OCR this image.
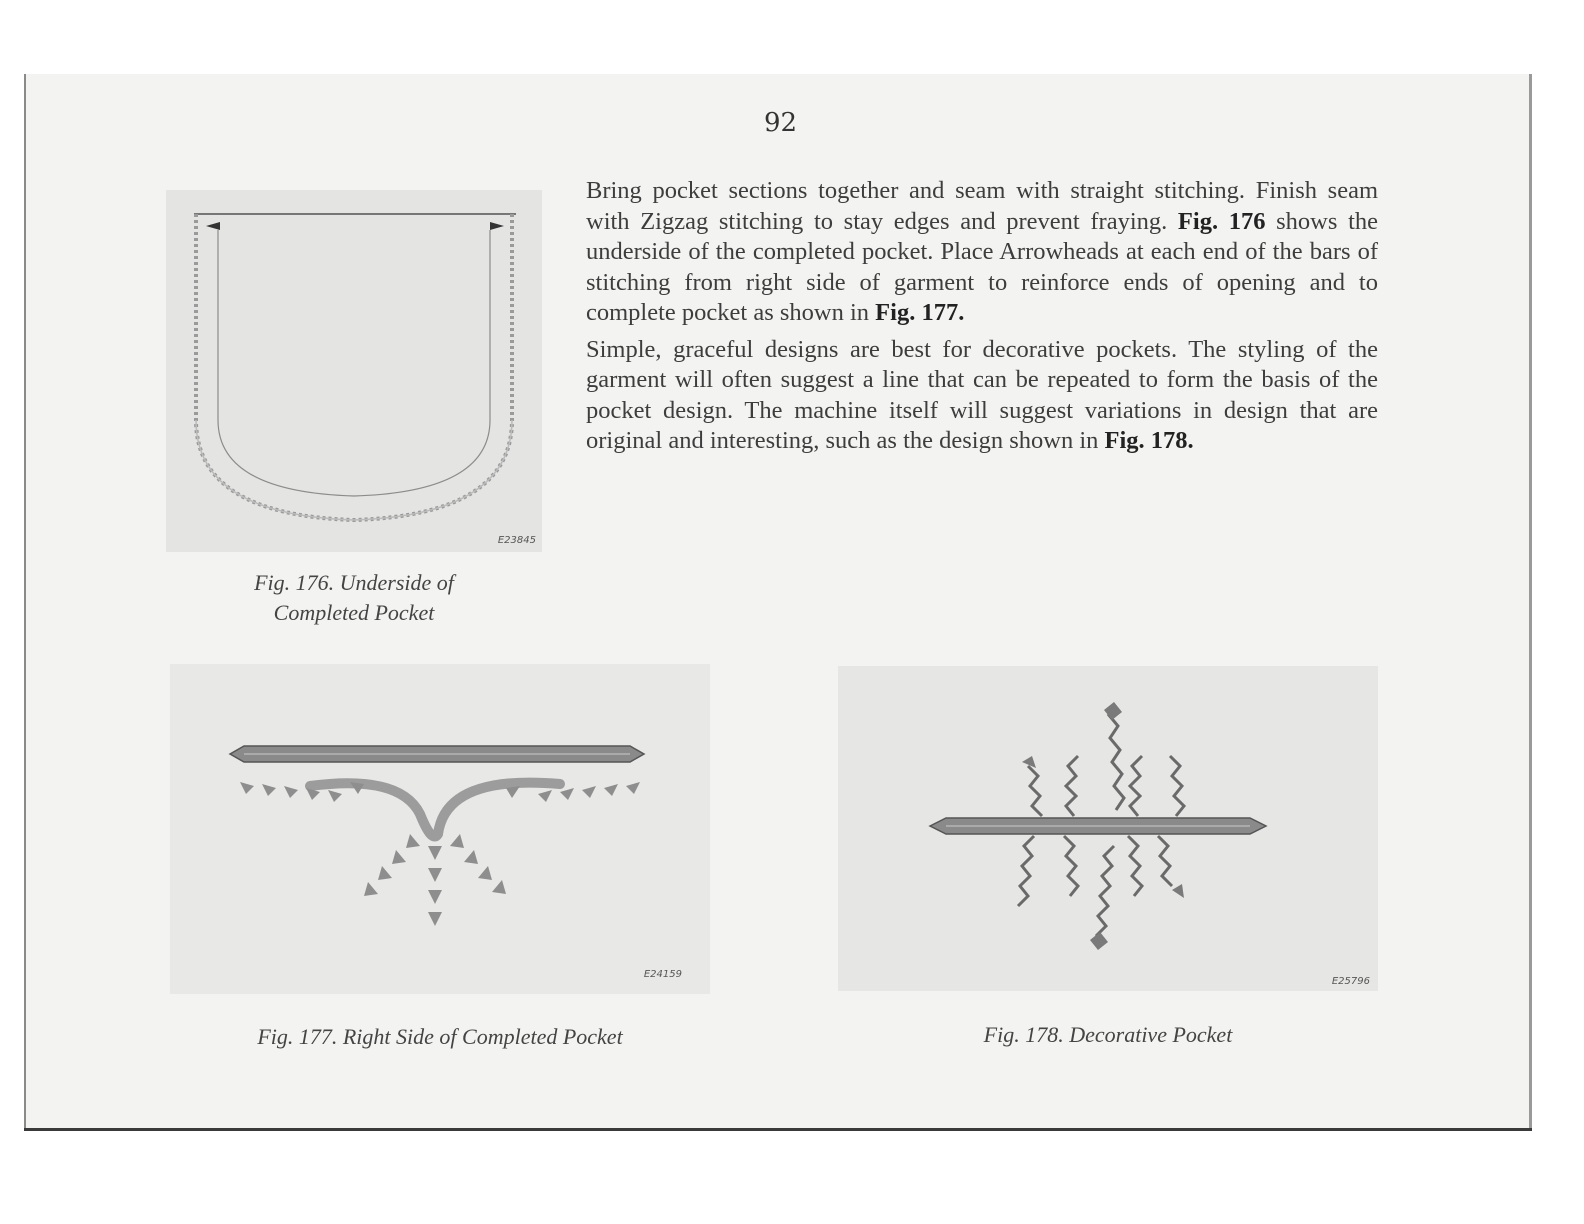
92
E23845
Fig. 176. Underside of
Completed Pocket

Bring pocket sections together and seam with straight stitching. Finish seam with Zigzag stitching to stay edges and prevent fraying. Fig. 176 shows the underside of the completed pocket. Place Arrowheads at each end of the bars of stitching from right side of garment to reinforce ends of opening and to complete pocket as shown in Fig. 177.

Simple, graceful designs are best for decorative pockets. The styling of the garment will often suggest a line that can be repeated to form the basis of the pocket design. The machine itself will suggest variations in design that are original and interesting, such as the design shown in Fig. 178.

E24159
Fig. 177. Right Side of Completed Pocket
E25796
Fig. 178. Decorative Pocket
